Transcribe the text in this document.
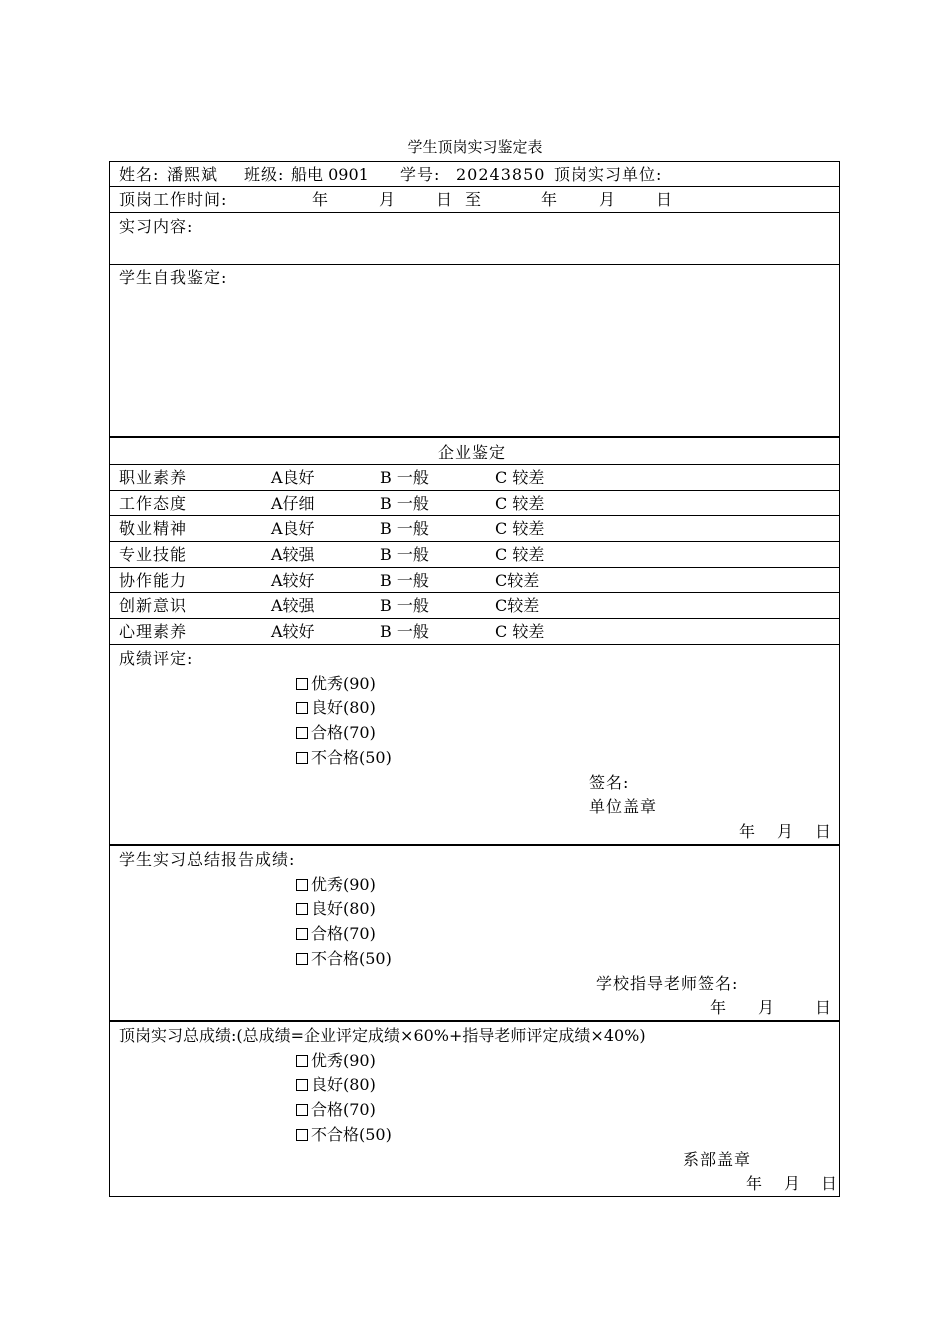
学生顶岗实习鉴定表
姓名: 潘熙斌 班级: 船电 0901 学号: 20243850 顶岗实习单位:
顶岗工作时间:	年	月	日 至	年	月	日
实习内容:
学生自我鉴定:
企业鉴定
职业素养	A良好	B 一般	C 较差
工作态度	A仔细	B 一般	C 较差
敬业精神	A良好	B 一般	C 较差
专业技能	A较强	B 一般	C 较差
协作能力	A较好	B 一般	C较差
创新意识	A较强	B 一般	C较差
心理素养	A较好	B 一般	C 较差
成绩评定:
优秀(90)
良好(80)
合格(70)
不合格(50)
签名:
单位盖章
年 月 日
学生实习总结报告成绩:
优秀(90)
良好(80)
合格(70)
不合格(50)
学校指导老师签名:
年 月	日
顶岗实习总成绩:(总成绩=企业评定成绩×60%+指导老师评定成绩×40%)
优秀(90)
良好(80)
合格(70)
不合格(50)
系部盖章
年 月 日
